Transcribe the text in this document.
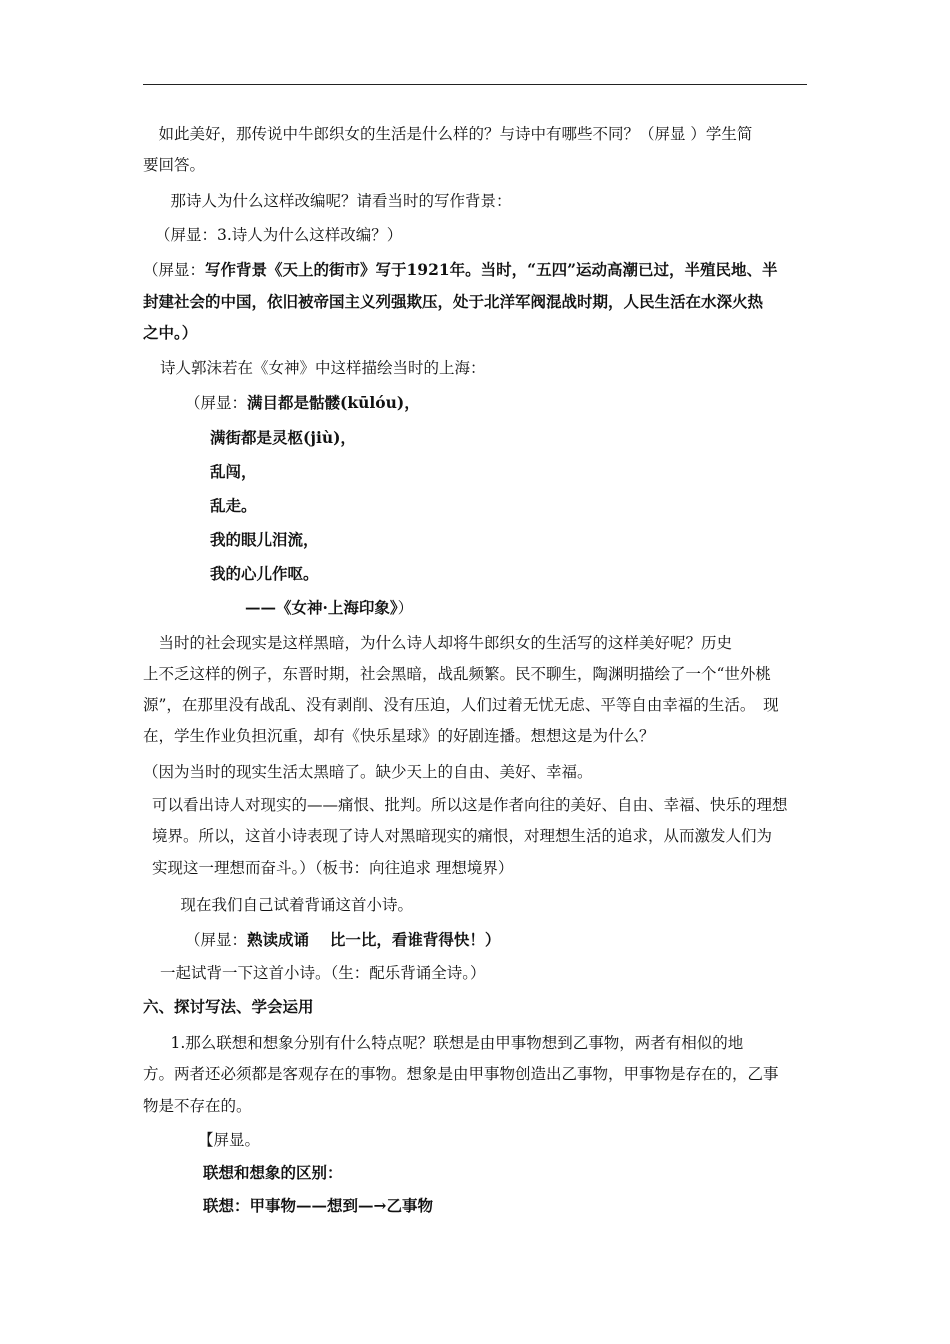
　如此美好，那传说中牛郎织女的生活是什么样的？与诗中有哪些不同？（屏显 ）学生简
要回答。
　那诗人为什么这样改编呢？请看当时的写作背景：
（屏显：3.诗人为什么这样改编？）
（屏显：写作背景《天上的街市》写于1921年。当时，“五四”运动高潮已过，半殖民地、半
封建社会的中国，依旧被帝国主义列强欺压，处于北洋军阀混战时期，人民生活在水深火热
之中。）
诗人郭沫若在《女神》中这样描绘当时的上海：
（屏显：满目都是骷髅(kūlóu)，
满街都是灵柩(jiù)，
乱闯，
乱走。
我的眼儿泪流，
我的心儿作呕。
——《女神·上海印象》）
　当时的社会现实是这样黑暗，为什么诗人却将牛郎织女的生活写的这样美好呢？历史
上不乏这样的例子，东晋时期，社会黑暗，战乱频繁。民不聊生，陶渊明描绘了一个“世外桃
源”，在那里没有战乱、没有剥削、没有压迫，人们过着无忧无虑、平等自由幸福的生活。　现
在，学生作业负担沉重，却有《快乐星球》的好剧连播。想想这是为什么？
（因为当时的现实生活太黑暗了。缺少天上的自由、美好、幸福。
可以看出诗人对现实的——痛恨、批判。所以这是作者向往的美好、自由、幸福、快乐的理想
境界。所以，这首小诗表现了诗人对黑暗现实的痛恨，对理想生活的追求，从而激发人们为
实现这一理想而奋斗。）（板书：向往追求 理想境界）
　现在我们自己试着背诵这首小诗。
（屏显：熟读成诵　 比一比，看谁背得快！）
一起试背一下这首小诗。（生：配乐背诵全诗。）
六、探讨写法、学会运用
　1.那么联想和想象分别有什么特点呢？联想是由甲事物想到乙事物，两者有相似的地
方。两者还必须都是客观存在的事物。想象是由甲事物创造出乙事物，甲事物是存在的，乙事
物是不存在的。
【屏显。
联想和想象的区别：
联想：甲事物——想到—→乙事物
